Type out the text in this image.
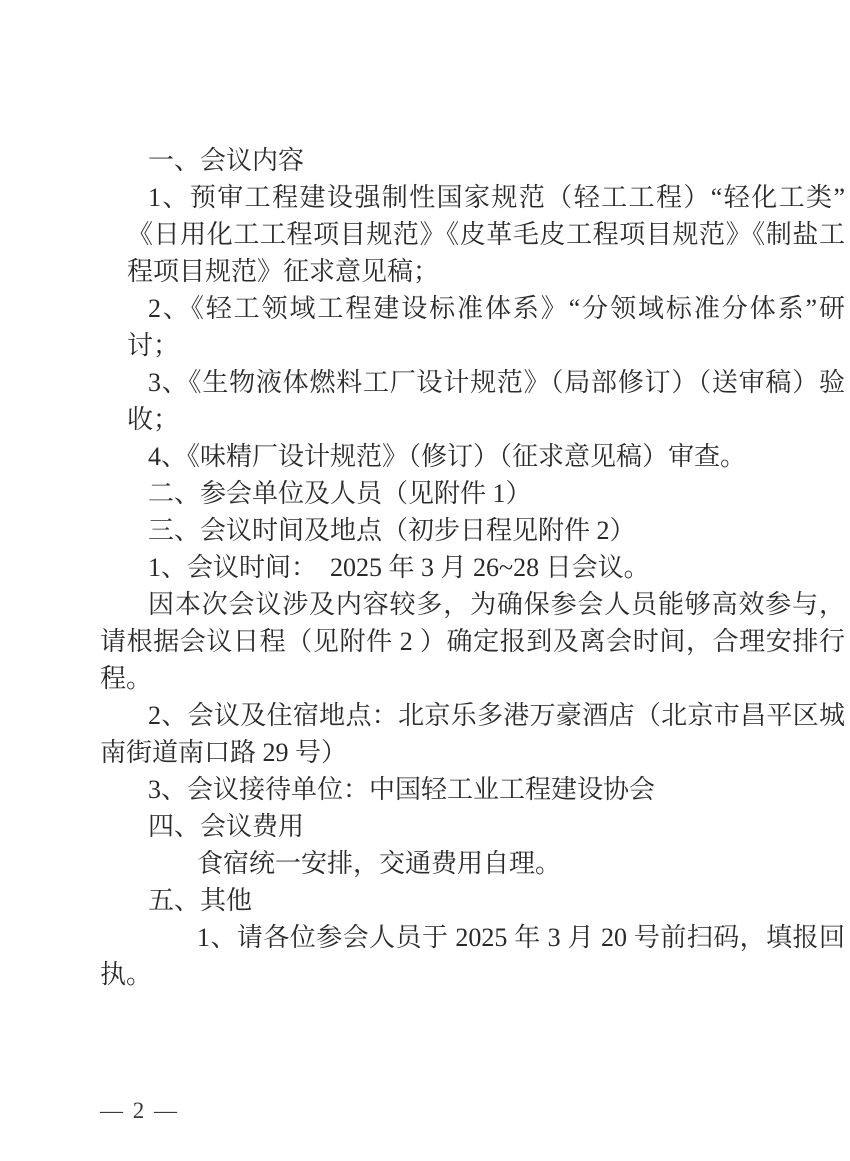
一、会议内容

1、预审工程建设强制性国家规范（轻工工程）“轻化工类”《日用化工工程项目规范》《皮革毛皮工程项目规范》《制盐工程项目规范》征求意见稿；

2、《轻工领域工程建设标准体系》“分领域标准分体系”研讨；

3、《生物液体燃料工厂设计规范》（局部修订）（送审稿）验收；

4、《味精厂设计规范》（修订）（征求意见稿）审查。

二、参会单位及人员（见附件 1）

三、会议时间及地点（初步日程见附件 2）

1、会议时间：　2025 年 3 月 26~28 日会议。

因本次会议涉及内容较多，为确保参会人员能够高效参与，请根据会议日程（见附件 2 ）确定报到及离会时间，合理安排行程。

2、会议及住宿地点：北京乐多港万豪酒店（北京市昌平区城南街道南口路 29 号）

3、会议接待单位：中国轻工业工程建设协会

四、会议费用

食宿统一安排，交通费用自理。

五、其他

1、请各位参会人员于 2025 年 3 月 20 号前扫码，填报回执。

— 2 —
